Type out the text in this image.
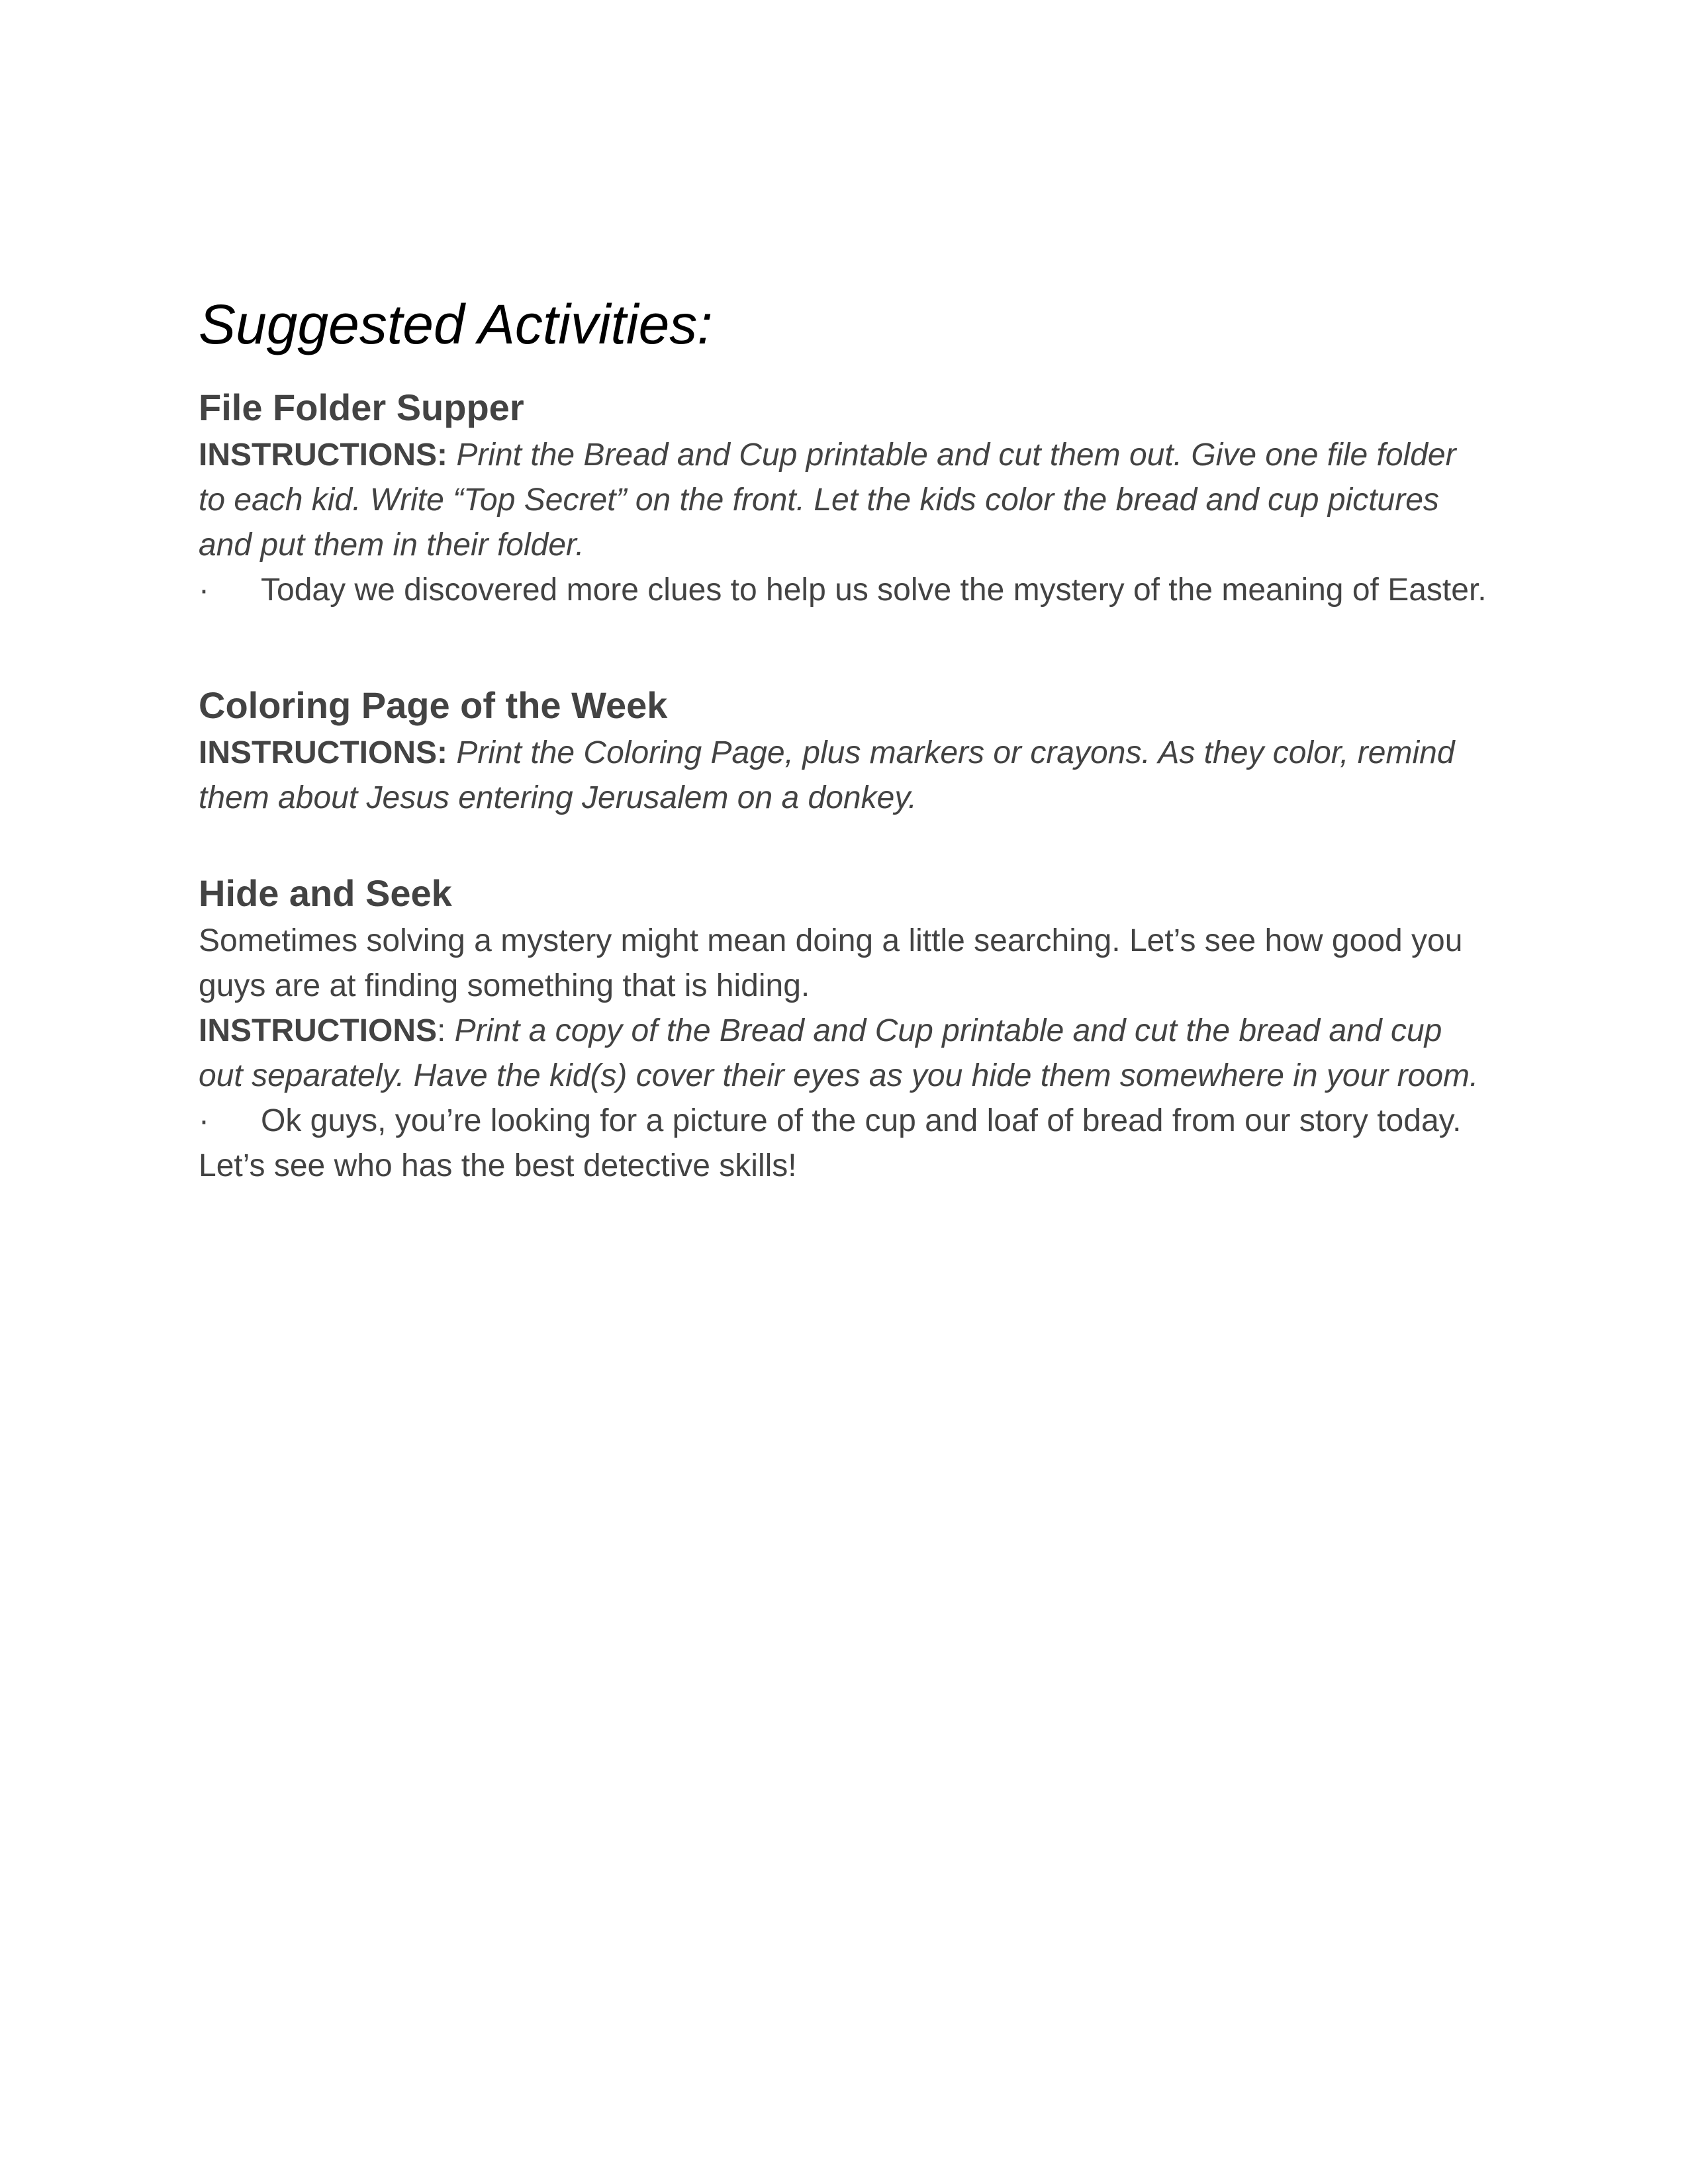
Suggested Activities:
File Folder Supper

INSTRUCTIONS: Print the Bread and Cup printable and cut them out. Give one file folder to each kid. Write “Top Secret” on the front. Let the kids color the bread and cup pictures and put them in their folder.

· Today we discovered more clues to help us solve the mystery of the meaning of Easter.

Coloring Page of the Week

INSTRUCTIONS: Print the Coloring Page, plus markers or crayons. As they color, remind them about Jesus entering Jerusalem on a donkey.

Hide and Seek

Sometimes solving a mystery might mean doing a little searching. Let’s see how good you guys are at finding something that is hiding.

INSTRUCTIONS: Print a copy of the Bread and Cup printable and cut the bread and cup out separately. Have the kid(s) cover their eyes as you hide them somewhere in your room.

· Ok guys, you’re looking for a picture of the cup and loaf of bread from our story today. Let’s see who has the best detective skills!
